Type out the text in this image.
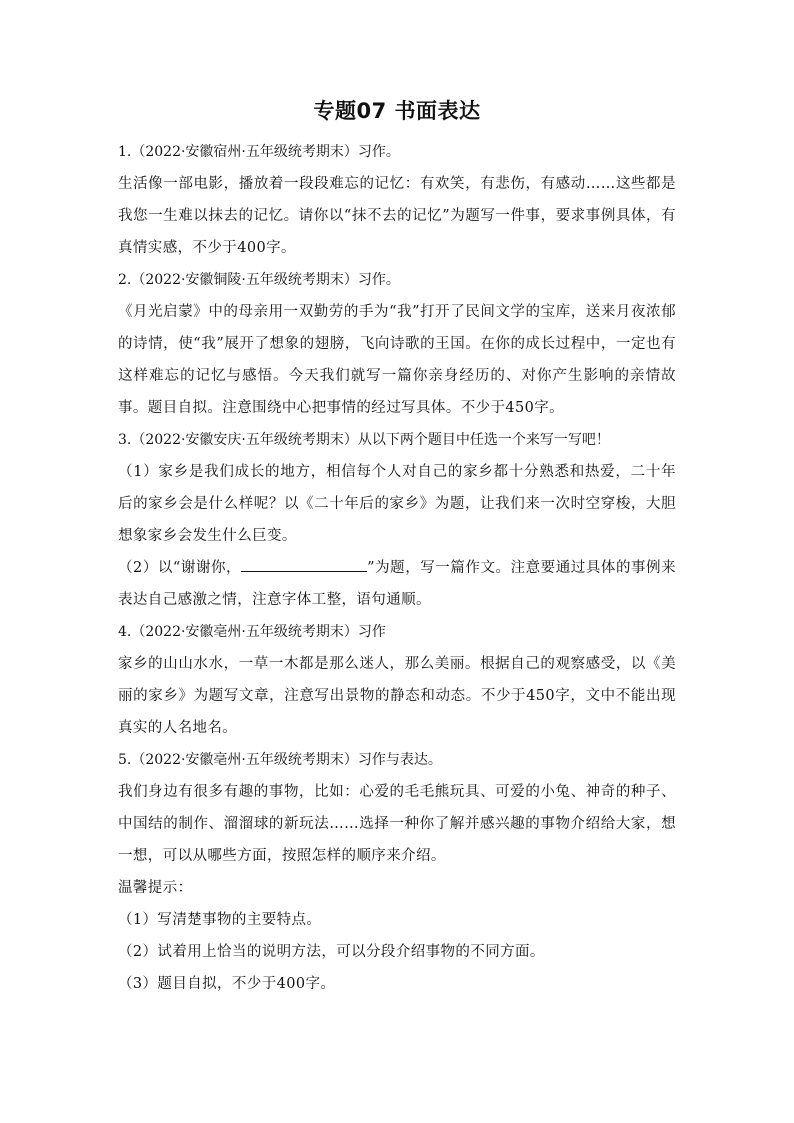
专题07 书面表达

1.（2022·安徽宿州·五年级统考期末）习作。

生活像一部电影，播放着一段段难忘的记忆：有欢笑，有悲伤，有感动……这些都是我您一生难以抹去的记忆。请你以“抹不去的记忆”为题写一件事，要求事例具体，有真情实感，不少于400字。

2.（2022·安徽铜陵·五年级统考期末）习作。

《月光启蒙》中的母亲用一双勤劳的手为“我”打开了民间文学的宝库，送来月夜浓郁的诗情，使“我”展开了想象的翅膀，飞向诗歌的王国。在你的成长过程中，一定也有这样难忘的记忆与感悟。今天我们就写一篇你亲身经历的、对你产生影响的亲情故事。题目自拟。注意围绕中心把事情的经过写具体。不少于450字。

3.（2022·安徽安庆·五年级统考期末）从以下两个题目中任选一个来写一写吧！

（1）家乡是我们成长的地方，相信每个人对自己的家乡都十分熟悉和热爱，二十年后的家乡会是什么样呢？以《二十年后的家乡》为题，让我们来一次时空穿梭，大胆想象家乡会发生什么巨变。

（2）以“谢谢你，	”为题，写一篇作文。注意要通过具体的事例来表达自己感激之情，注意字体工整，语句通顺。

4.（2022·安徽亳州·五年级统考期末）习作

家乡的山山水水，一草一木都是那么迷人，那么美丽。根据自己的观察感受，以《美丽的家乡》为题写文章，注意写出景物的静态和动态。不少于450字，文中不能出现真实的人名地名。

5.（2022·安徽亳州·五年级统考期末）习作与表达。

我们身边有很多有趣的事物，比如：心爱的毛毛熊玩具、可爱的小兔、神奇的种子、中国结的制作、溜溜球的新玩法……选择一种你了解并感兴趣的事物介绍给大家，想一想，可以从哪些方面，按照怎样的顺序来介绍。

温馨提示：

（1）写清楚事物的主要特点。

（2）试着用上恰当的说明方法，可以分段介绍事物的不同方面。

（3）题目自拟，不少于400字。
